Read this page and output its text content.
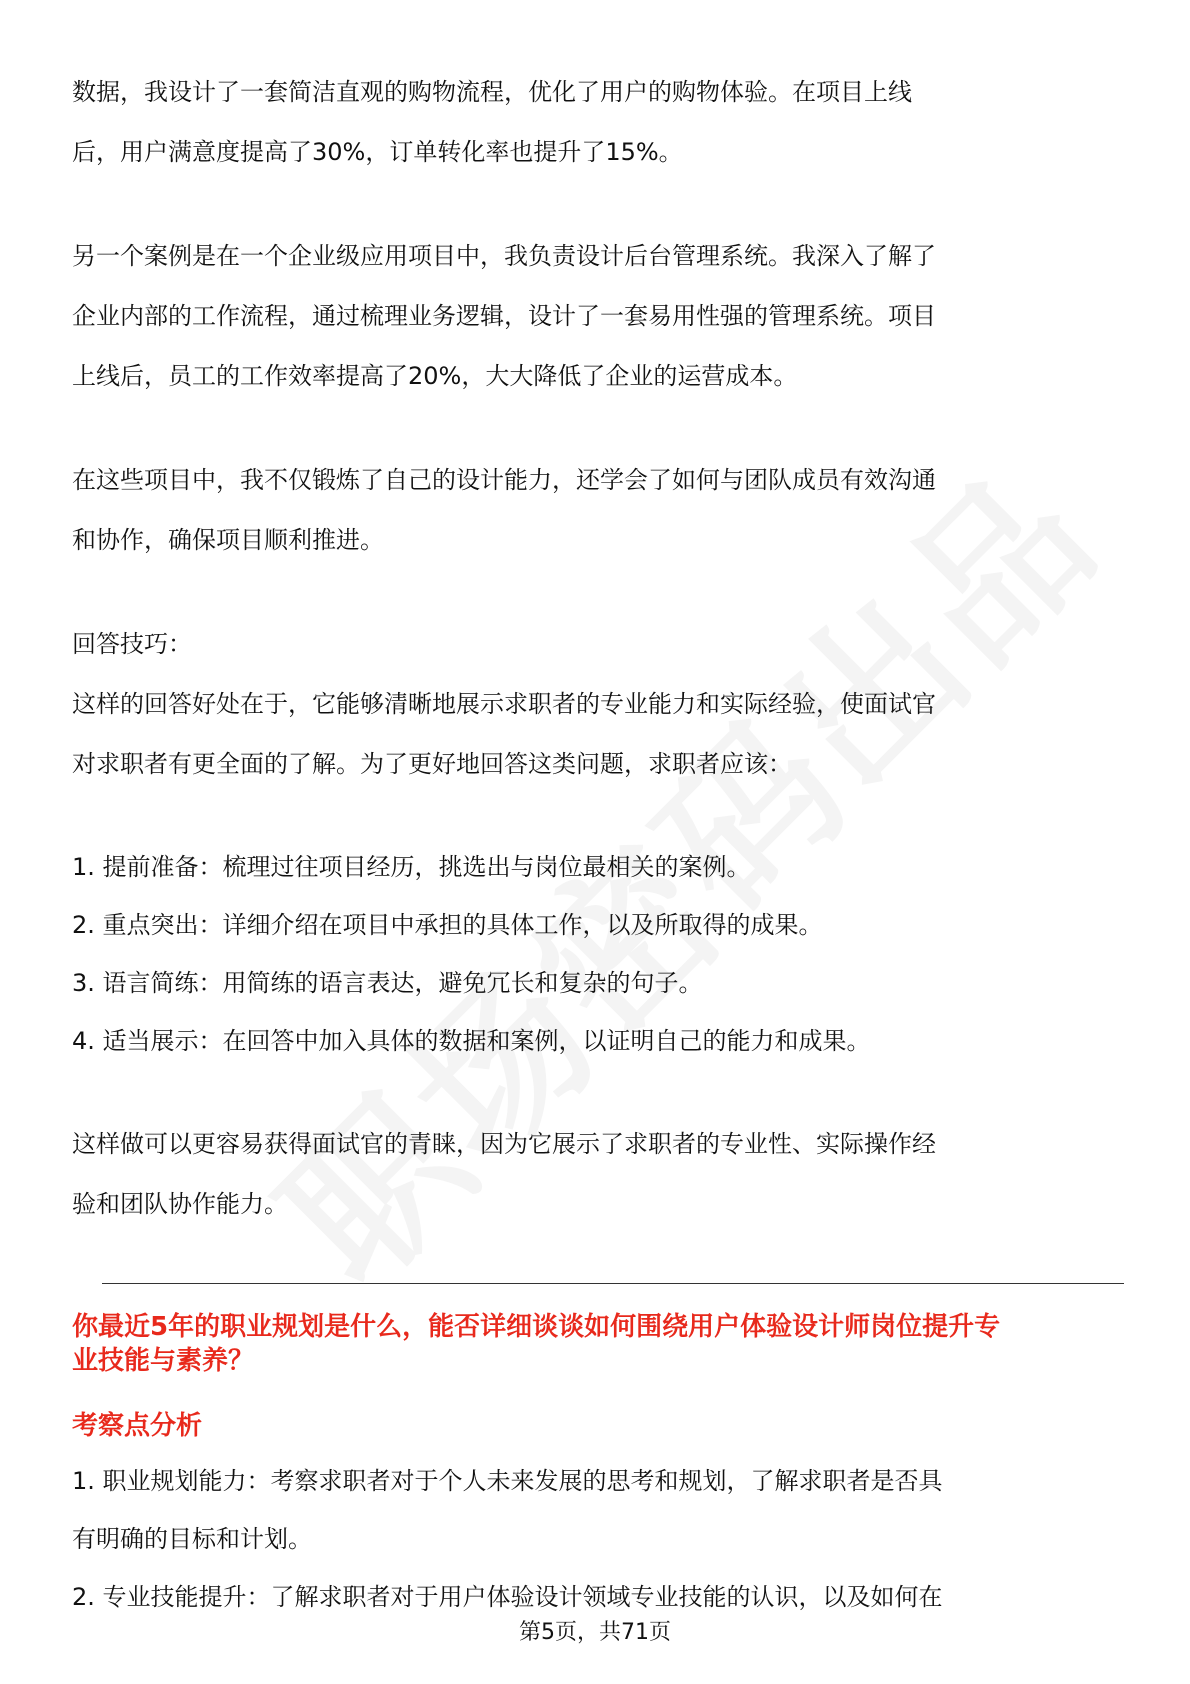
数据，我设计了一套简洁直观的购物流程，优化了用户的购物体验。在项目上线

后，用户满意度提高了30%，订单转化率也提升了15%。

另一个案例是在一个企业级应用项目中，我负责设计后台管理系统。我深入了解了

企业内部的工作流程，通过梳理业务逻辑，设计了一套易用性强的管理系统。项目

上线后，员工的工作效率提高了20%，大大降低了企业的运营成本。

在这些项目中，我不仅锻炼了自己的设计能力，还学会了如何与团队成员有效沟通

和协作，确保项目顺利推进。

回答技巧：

这样的回答好处在于，它能够清晰地展示求职者的专业能力和实际经验，使面试官

对求职者有更全面的了解。为了更好地回答这类问题，求职者应该：

1. 提前准备：梳理过往项目经历，挑选出与岗位最相关的案例。

2. 重点突出：详细介绍在项目中承担的具体工作，以及所取得的成果。

3. 语言简练：用简练的语言表达，避免冗长和复杂的句子。

4. 适当展示：在回答中加入具体的数据和案例，以证明自己的能力和成果。

这样做可以更容易获得面试官的青睐，因为它展示了求职者的专业性、实际操作经

验和团队协作能力。

你最近5年的职业规划是什么，能否详细谈谈如何围绕用户体验设计师岗位提升专
业技能与素养？
考察点分析

1. 职业规划能力：考察求职者对于个人未来发展的思考和规划，了解求职者是否具

有明确的目标和计划。

2. 专业技能提升：了解求职者对于用户体验设计领域专业技能的认识，以及如何在

第5页，共71页
